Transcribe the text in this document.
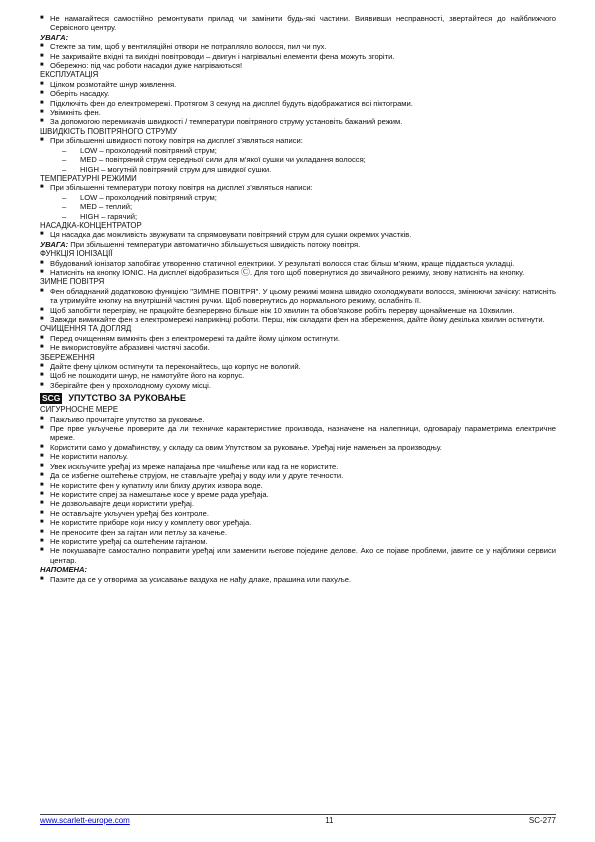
■ Не намагайтеся самостійно ремонтувати прилад чи замінити будь-які частини. Виявивши несправності, звертайтеся до найближчого Сервісного центру.
УВАГА:
■ Стежте за тим, щоб у вентиляційні отвори не потрапляло волосся, пил чи пух.
■ Не закривайте вхідні та вихідні повітроводи – двигун і нагрівальні елементи фена можуть згоріти.
■ Обережно: під час роботи насадки дуже нагріваються!
ЕКСПЛУАТАЦІЯ
■ Цілком розмотайте шнур живлення.
■ Оберіть насадку.
■ Підключіть фен до електромережі. Протягом 3 секунд на дисплеї будуть відображатися всі піктограми.
■ Увімкніть фен.
■ За допомогою перемикачів швидкості / температури повітряного струму установіть бажаний режим.
ШВИДКІСТЬ ПОВІТРЯНОГО СТРУМУ
■ При збільшенні швидкості потоку повітря на дисплеї з’являться написи:
–	LOW – прохолодний повітряний струм;
–	MED – повітряний струм середньої сили для м’якої сушки чи укладання волосся;
–	HIGH – могутній повітряний струм для швидкої сушки.
ТЕМПЕРАТУРНІ РЕЖИМИ
■ При збільшенні температури потоку повітря на дисплеї з’являться написи:
–	LOW – прохолодний повітряний струм;
–	MED – теплий;
–	HIGH – гарячий;
НАСАДКА-КОНЦЕНТРАТОР
■ Ця насадка дає можливість звужувати та спрямовувати повітряний струм для сушки окремих участків.
УВАГА: При збільшенні температури автоматично збільшується швидкість потоку повітря.
ФУНКЦІЯ ІОНІЗАЦІЇ
■ Вбудований іонізатор запобігає утворенню статичної електрики. У результаті волосся стає більш м’яким, краще піддається укладці.
■ Натисніть на кнопку IONIC. На дисплеї відобразиться Ⓒ. Для того щоб повернутися до звичайного режиму, знову натисніть на кнопку.
ЗИМНЕ ПОВІТРЯ
■ Фен обладнаний додатковою функцією "ЗИМНЕ ПОВІТРЯ". У цьому режимі можна швидко охолоджувати волосся, змінюючи зачіску: натисніть та утримуйте кнопку на внутрішній частині ручки. Щоб повернутись до нормального режиму, ослабніть її.
■ Щоб запобігти перегріву, не працюйте безперервно більше ніж 10 хвилин та обов'язкове робіть перерву щонайменше на 10хвилин.
■ Завжди вимикайте фен з електромережі наприкінці роботи. Перш, ніж складати фен на збереження, дайте йому декілька хвилин остигнути.
ОЧИЩЕННЯ ТА ДОГЛЯД
■ Перед очищенням вимкніть фен з електромережі та дайте йому цілком остигнути.
■ Не використовуйте абразивні чистячі засоби.
ЗБЕРЕЖЕННЯ
■ Дайте фену цілком остигнути та переконайтесь, що корпус не вологий.
■ Щоб не пошкодити шнур, не намотуйте його на корпус.
■ Зберігайте фен у прохолодному сухому місці.
SCG УПУТСТВО ЗА РУКОВАЊЕ
СИГУРНОСНЕ МЕРЕ
■ Пажљиво прочитајте упутство за руковање.
■ Пре прве укључење проверите да ли техничке карактеристике производа, назначене на налепници, одговарају параметрима електричне мреже.
■ Користити само у домаћинству, у складу са овим Упутством за руковање. Уређај није намењен за производњу.
■ Не користити напољу.
■ Увек искључите уређај из мреже напајања пре чишћење или кад га не користите.
■ Да се избегне оштећење струјом, не стављајте уређај у воду или у друге течности.
■ Не користите фен у купатилу или близу других извора воде.
■ Не користите спреј за намештање косе у време рада уређаја.
■ Не дозвољавајте деци користити уређај.
■ Не остављајте укључен уређај без контроле.
■ Не користите приборе који нису у комплету овог уређаја.
■ Не преносите фен за гајтан или петљу за качење.
■ Не користите уређај са оштећеним гајтаном.
■ Не покушавајте самостално поправити уређај или заменити његове поједине делове. Ако се појаве проблеми, јавите се у најближи сервиси центар.
НАПОМЕНА:
■ Пазите да се у отворима за усисавање ваздуха не нађу длаке, прашина или пахуље.
www.scarlett-europe.com	11	SC-277
